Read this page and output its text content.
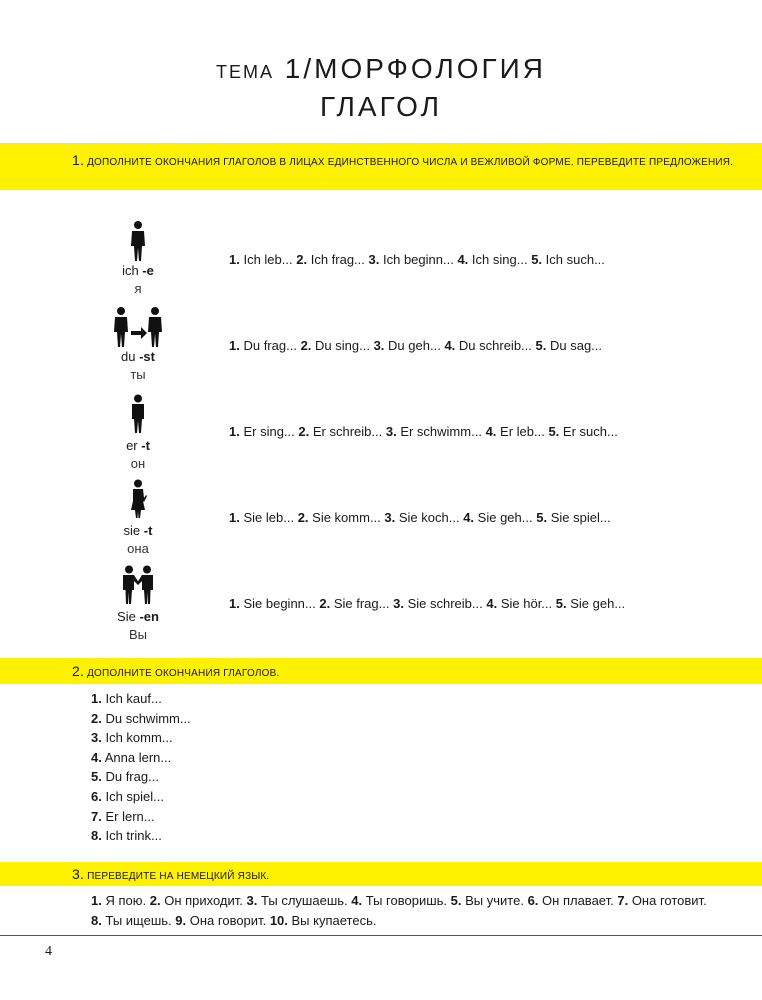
ТЕМА 1/МОРФОЛОГИЯ
ГЛАГОЛ
1. ДОПОЛНИТЕ ОКОНЧАНИЯ ГЛАГОЛОВ В ЛИЦАХ ЕДИНСТВЕННОГО ЧИСЛА И ВЕЖЛИВОЙ ФОРМЕ. ПЕРЕВЕДИТЕ ПРЕДЛОЖЕНИЯ.
ich -e
я
1. Ich leb... 2. Ich frag... 3. Ich beginn... 4. Ich sing... 5. Ich such...
du -st
ты
1. Du frag... 2. Du sing... 3. Du geh... 4. Du schreib... 5. Du sag...
er -t
он
1. Er sing... 2. Er schreib... 3. Er schwimm... 4. Er leb... 5. Er such...
sie -t
она
1. Sie leb... 2. Sie komm... 3. Sie koch... 4. Sie geh... 5. Sie spiel...
Sie -en
Вы
1. Sie beginn... 2. Sie frag... 3. Sie schreib... 4. Sie hör... 5. Sie geh...
2. ДОПОЛНИТЕ ОКОНЧАНИЯ ГЛАГОЛОВ.
1. Ich kauf...
2. Du schwimm...
3. Ich komm...
4. Anna lern...
5. Du frag...
6. Ich spiel...
7. Er lern...
8. Ich trink...
3. ПЕРЕВЕДИТЕ НА НЕМЕЦКИЙ ЯЗЫК.
1. Я пою. 2. Он приходит. 3. Ты слушаешь. 4. Ты говоришь. 5. Вы учите. 6. Он плавает. 7. Она готовит. 8. Ты ищешь. 9. Она говорит. 10. Вы купаетесь.
4
